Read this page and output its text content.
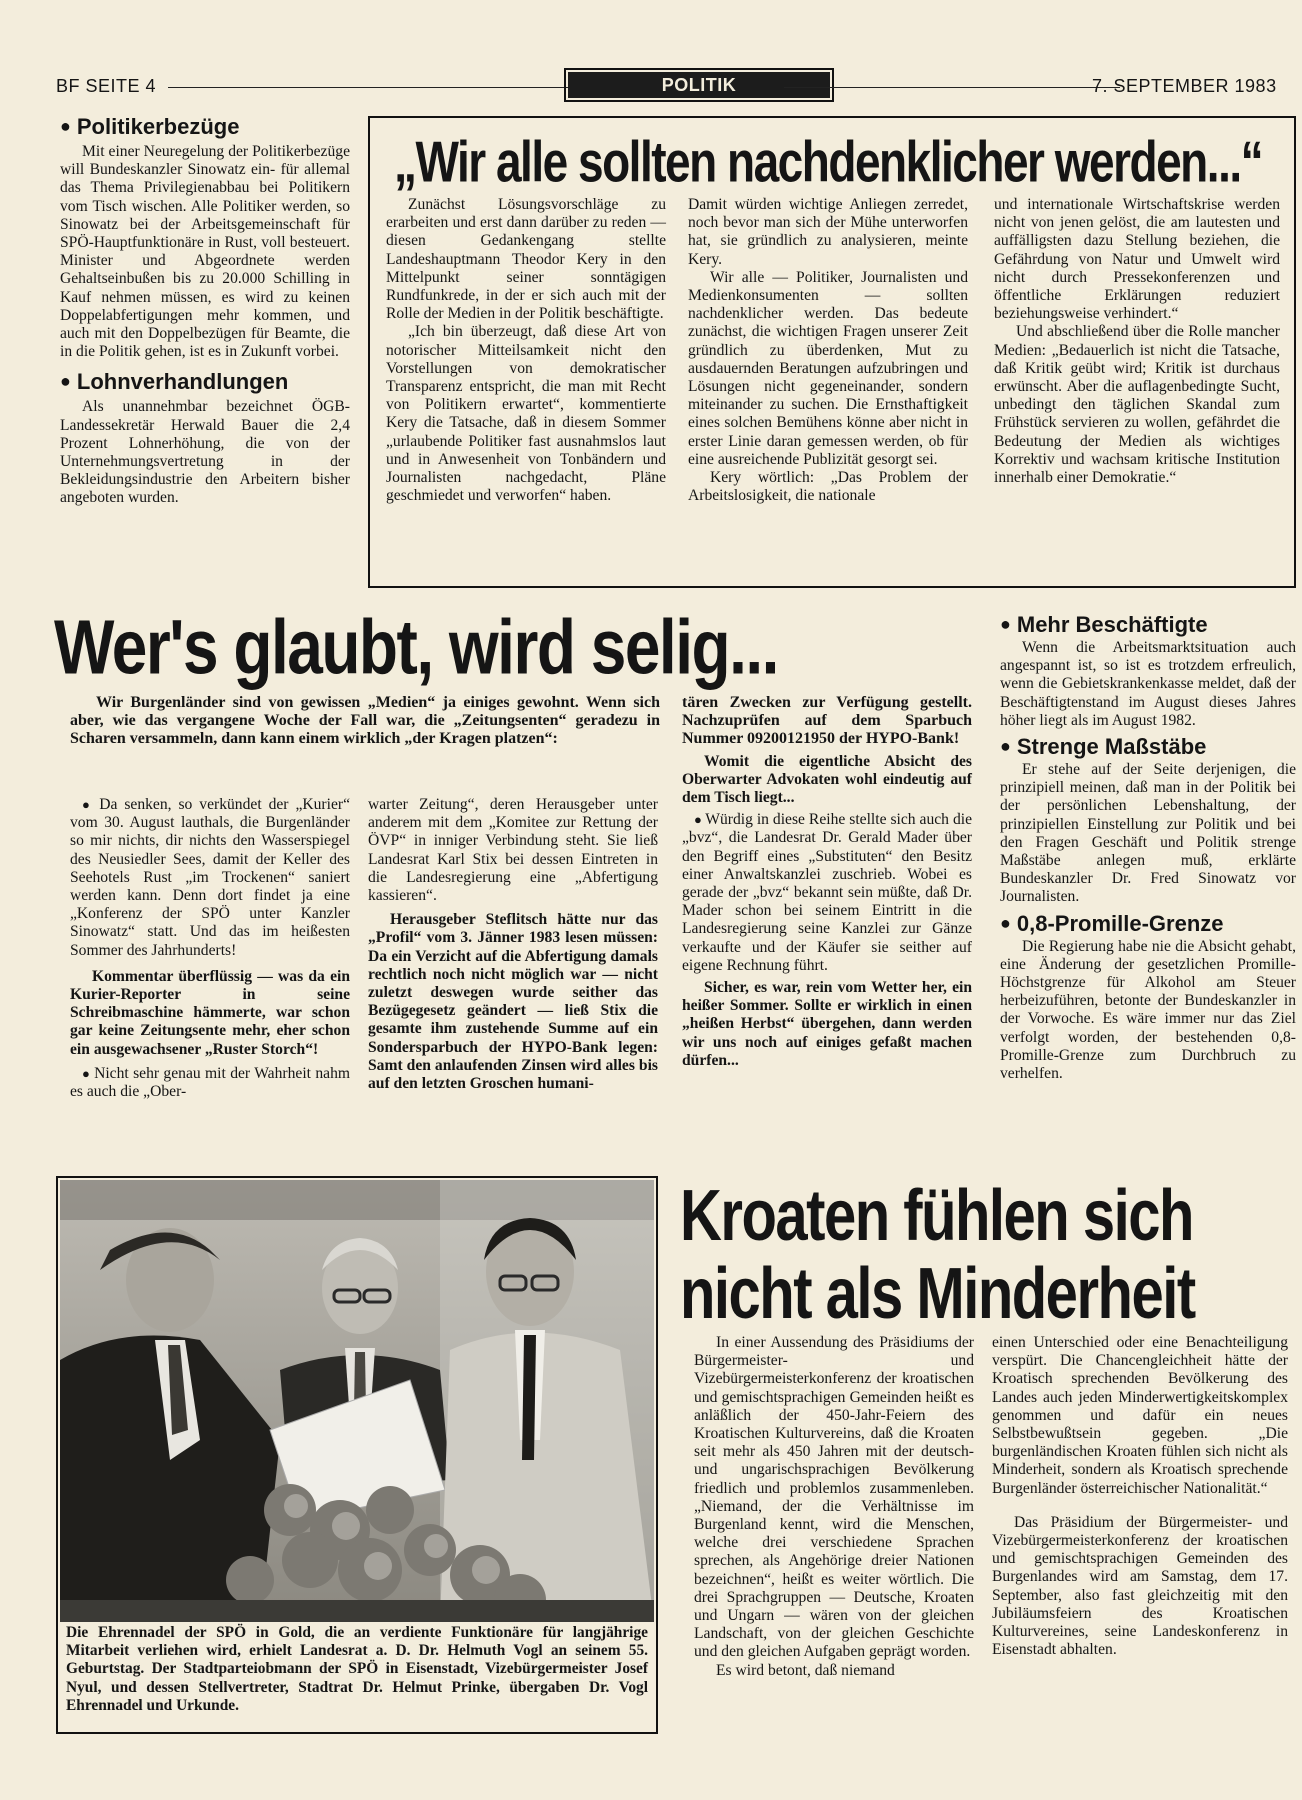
BF SEITE 4	POLITIK	7. SEPTEMBER 1983
● Politikerbezüge

Mit einer Neuregelung der Politikerbezüge will Bundeskanzler Sinowatz ein- für allemal das Thema Privilegienabbau bei Politikern vom Tisch wischen. Alle Politiker werden, so Sinowatz bei der Arbeitsgemeinschaft für SPÖ-Hauptfunktionäre in Rust, voll besteuert. Minister und Abgeordnete werden Gehaltseinbußen bis zu 20.000 Schilling in Kauf nehmen müssen, es wird zu keinen Doppelabfertigungen mehr kommen, und auch mit den Doppelbezügen für Beamte, die in die Politik gehen, ist es in Zukunft vorbei.

● Lohnverhandlungen

Als unannehmbar bezeichnet ÖGB-Landessekretär Herwald Bauer die 2,4 Prozent Lohnerhöhung, die von der Unternehmungsvertretung in der Bekleidungsindustrie den Arbeitern bisher angeboten wurden.

„Wir alle sollten nachdenklicher werden...“

Zunächst Lösungsvorschläge zu erarbeiten und erst dann darüber zu reden — diesen Gedankengang stellte Landeshauptmann Theodor Kery in den Mittelpunkt seiner sonntägigen Rundfunkrede, in der er sich auch mit der Rolle der Medien in der Politik beschäftigte.

„Ich bin überzeugt, daß diese Art von notorischer Mitteilsamkeit nicht den Vorstellungen von demokratischer Transparenz entspricht, die man mit Recht von Politikern erwartet“, kommentierte Kery die Tatsache, daß in diesem Sommer „urlaubende Politiker fast ausnahmslos laut und in Anwesenheit von Tonbändern und Journalisten nachgedacht, Pläne geschmiedet und verworfen“ haben.

Damit würden wichtige Anliegen zerredet, noch bevor man sich der Mühe unterworfen hat, sie gründlich zu analysieren, meinte Kery.

Wir alle — Politiker, Journalisten und Medienkonsumenten — sollten nachdenklicher werden. Das bedeute zunächst, die wichtigen Fragen unserer Zeit gründlich zu überdenken, Mut zu ausdauernden Beratungen aufzubringen und Lösungen nicht gegeneinander, sondern miteinander zu suchen. Die Ernsthaftigkeit eines solchen Bemühens könne aber nicht in erster Linie daran gemessen werden, ob für eine ausreichende Publizität gesorgt sei.

Kery wörtlich: „Das Problem der Arbeitslosigkeit, die nationale

und internationale Wirtschaftskrise werden nicht von jenen gelöst, die am lautesten und auffälligsten dazu Stellung beziehen, die Gefährdung von Natur und Umwelt wird nicht durch Pressekonferenzen und öffentliche Erklärungen reduziert beziehungsweise verhindert.“

Und abschließend über die Rolle mancher Medien: „Bedauerlich ist nicht die Tatsache, daß Kritik geübt wird; Kritik ist durchaus erwünscht. Aber die auflagenbedingte Sucht, unbedingt den täglichen Skandal zum Frühstück servieren zu wollen, gefährdet die Bedeutung der Medien als wichtiges Korrektiv und wachsam kritische Institution innerhalb einer Demokratie.“

Wer's glaubt, wird selig...

Wir Burgenländer sind von gewissen „Medien“ ja einiges gewohnt. Wenn sich aber, wie das vergangene Woche der Fall war, die „Zeitungsenten“ geradezu in Scharen versammeln, dann kann einem wirklich „der Kragen platzen“:

● Da senken, so verkündet der „Kurier“ vom 30. August lauthals, die Burgenländer so mir nichts, dir nichts den Wasserspiegel des Neusiedler Sees, damit der Keller des Seehotels Rust „im Trockenen“ saniert werden kann. Denn dort findet ja eine „Konferenz der SPÖ unter Kanzler Sinowatz“ statt. Und das im heißesten Sommer des Jahrhunderts!

Kommentar überflüssig — was da ein Kurier-Reporter in seine Schreibmaschine hämmerte, war schon gar keine Zeitungsente mehr, eher schon ein ausgewachsener „Ruster Storch“!

● Nicht sehr genau mit der Wahrheit nahm es auch die „Ober-

warter Zeitung“, deren Herausgeber unter anderem mit dem „Komitee zur Rettung der ÖVP“ in inniger Verbindung steht. Sie ließ Landesrat Karl Stix bei dessen Eintreten in die Landesregierung eine „Abfertigung kassieren“.

Herausgeber Steflitsch hätte nur das „Profil“ vom 3. Jänner 1983 lesen müssen: Da ein Verzicht auf die Abfertigung damals rechtlich noch nicht möglich war — nicht zuletzt deswegen wurde seither das Bezügegesetz geändert — ließ Stix die gesamte ihm zustehende Summe auf ein Sondersparbuch der HYPO-Bank legen: Samt den anlaufenden Zinsen wird alles bis auf den letzten Groschen humani-

tären Zwecken zur Verfügung gestellt. Nachzuprüfen auf dem Sparbuch Nummer 09200121950 der HYPO-Bank!

Womit die eigentliche Absicht des Oberwarter Advokaten wohl eindeutig auf dem Tisch liegt...

● Würdig in diese Reihe stellte sich auch die „bvz“, die Landesrat Dr. Gerald Mader über den Begriff eines „Substituten“ den Besitz einer Anwaltskanzlei zuschrieb. Wobei es gerade der „bvz“ bekannt sein müßte, daß Dr. Mader schon bei seinem Eintritt in die Landesregierung seine Kanzlei zur Gänze verkaufte und der Käufer sie seither auf eigene Rechnung führt.

Sicher, es war, rein vom Wetter her, ein heißer Sommer. Sollte er wirklich in einen „heißen Herbst“ übergehen, dann werden wir uns noch auf einiges gefaßt machen dürfen...

● Mehr Beschäftigte

Wenn die Arbeitsmarktsituation auch angespannt ist, so ist es trotzdem erfreulich, wenn die Gebietskrankenkasse meldet, daß der Beschäftigtenstand im August dieses Jahres höher liegt als im August 1982.

● Strenge Maßstäbe

Er stehe auf der Seite derjenigen, die prinzipiell meinen, daß man in der Politik bei der persönlichen Lebenshaltung, der prinzipiellen Einstellung zur Politik und bei den Fragen Geschäft und Politik strenge Maßstäbe anlegen muß, erklärte Bundeskanzler Dr. Fred Sinowatz vor Journalisten.

● 0,8-Promille-Grenze

Die Regierung habe nie die Absicht gehabt, eine Änderung der gesetzlichen Promille-Höchstgrenze für Alkohol am Steuer herbeizuführen, betonte der Bundeskanzler in der Vorwoche. Es wäre immer nur das Ziel verfolgt worden, der bestehenden 0,8-Promille-Grenze zum Durchbruch zu verhelfen.

Die Ehrennadel der SPÖ in Gold, die an verdiente Funktionäre für langjährige Mitarbeit verliehen wird, erhielt Landesrat a. D. Dr. Helmuth Vogl an seinem 55. Geburtstag. Der Stadtparteiobmann der SPÖ in Eisenstadt, Vizebürgermeister Josef Nyul, und dessen Stellvertreter, Stadtrat Dr. Helmut Prinke, übergaben Dr. Vogl Ehrennadel und Urkunde.

Kroaten fühlen sich
nicht als Minderheit

In einer Aussendung des Präsidiums der Bürgermeister- und Vizebürgermeisterkonferenz der kroatischen und gemischtsprachigen Gemeinden heißt es anläßlich der 450-Jahr-Feiern des Kroatischen Kulturvereins, daß die Kroaten seit mehr als 450 Jahren mit der deutsch- und ungarischsprachigen Bevölkerung friedlich und problemlos zusammenleben. „Niemand, der die Verhältnisse im Burgenland kennt, wird die Menschen, welche drei verschiedene Sprachen sprechen, als Angehörige dreier Nationen bezeichnen“, heißt es weiter wörtlich. Die drei Sprachgruppen — Deutsche, Kroaten und Ungarn — wären von der gleichen Landschaft, von der gleichen Geschichte und den gleichen Aufgaben geprägt worden.

Es wird betont, daß niemand

einen Unterschied oder eine Benachteiligung verspürt. Die Chancengleichheit hätte der Kroatisch sprechenden Bevölkerung des Landes auch jeden Minderwertigkeitskomplex genommen und dafür ein neues Selbstbewußtsein gegeben. „Die burgenländischen Kroaten fühlen sich nicht als Minderheit, sondern als Kroatisch sprechende Burgenländer österreichischer Nationalität.“

Das Präsidium der Bürgermeister- und Vizebürgermeisterkonferenz der kroatischen und gemischtsprachigen Gemeinden des Burgenlandes wird am Samstag, dem 17. September, also fast gleichzeitig mit den Jubiläumsfeiern des Kroatischen Kulturvereines, seine Landeskonferenz in Eisenstadt abhalten.
